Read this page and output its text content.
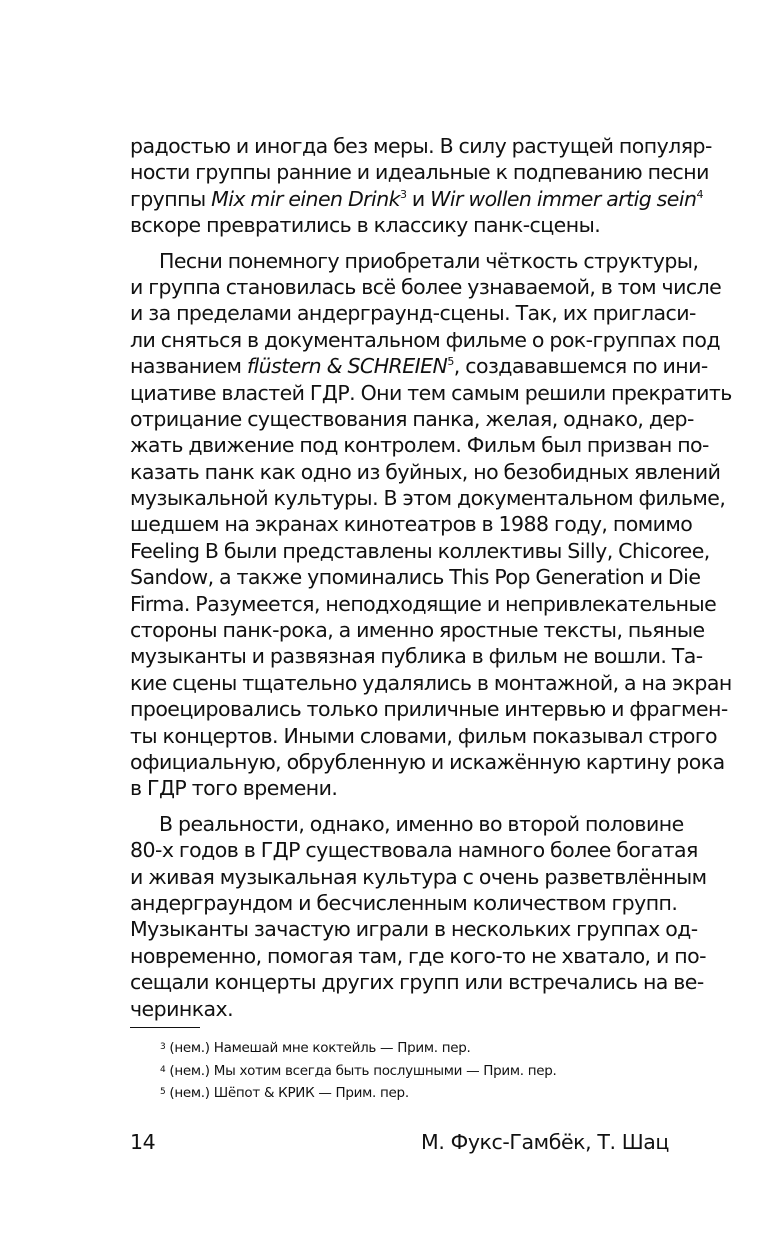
радостью и иногда без меры. В силу растущей популяр-
ности группы ранние и идеальные к подпеванию песни
группы Mix mir einen Drink$^3$ и Wir wollen immer artig sein$^4$
вскоре превратились в классику панк-сцены.
Песни понемногу приобретали чёткость структуры,
и группа становилась всё более узнаваемой, в том числе
и за пределами андерграунд-сцены. Так, их пригласи-
ли сняться в документальном фильме о рок-группах под
названием flüstern & SCHREIEN$^5$, создававшемся по ини-
циативе властей ГДР. Они тем самым решили прекратить
отрицание существования панка, желая, однако, дер-
жать движение под контролем. Фильм был призван по-
казать панк как одно из буйных, но безобидных явлений
музыкальной культуры. В этом документальном фильме,
шедшем на экранах кинотеатров в 1988 году, помимо
Feeling B были представлены коллективы Silly, Chicoree,
Sandow, а также упоминались This Pop Generation и Die
Firma. Разумеется, неподходящие и непривлекательные
стороны панк-рока, а именно яростные тексты, пьяные
музыканты и развязная публика в фильм не вошли. Та-
кие сцены тщательно удалялись в монтажной, а на экран
проецировались только приличные интервью и фрагмен-
ты концертов. Иными словами, фильм показывал строго
официальную, обрубленную и искажённую картину рока
в ГДР того времени.
В реальности, однако, именно во второй половине
80-х годов в ГДР существовала намного более богатая
и живая музыкальная культура с очень разветвлённым
андерграундом и бесчисленным количеством групп.
Музыканты зачастую играли в нескольких группах од-
новременно, помогая там, где кого-то не хватало, и по-
сещали концерты других групп или встречались на ве-
черинках.
$^3$ (нем.) Намешай мне коктейль — Прим. пер.
$^4$ (нем.) Мы хотим всегда быть послушными — Прим. пер.
$^5$ (нем.) Шёпот & КРИК — Прим. пер.
14	М. Фукс-Гамбёк, Т. Шац
